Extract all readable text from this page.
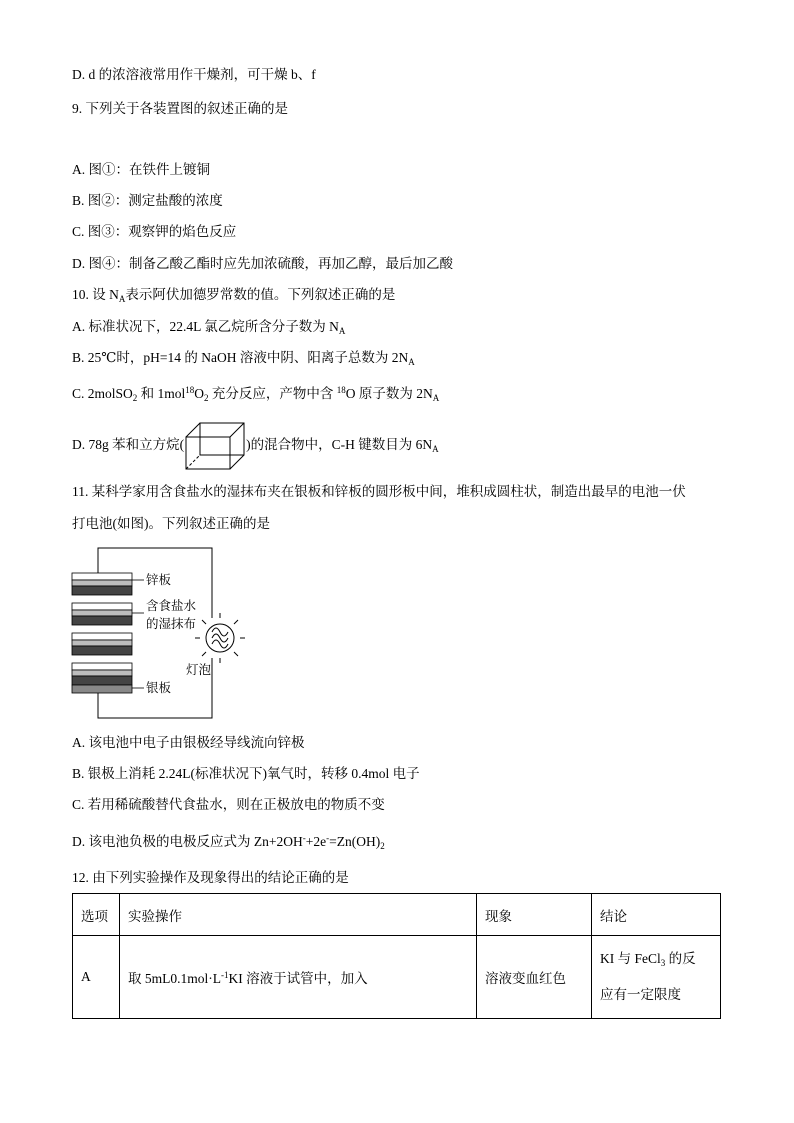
D. d 的浓溶液常用作干燥剂，可干燥 b、f
9. 下列关于各装置图的叙述正确的是
A. 图①：在铁件上镀铜
B. 图②：测定盐酸的浓度
C. 图③：观察钾的焰色反应
D. 图④：制备乙酸乙酯时应先加浓硫酸，再加乙醇，最后加乙酸
10. 设 $N_A$表示阿伏加德罗常数的值。下列叙述正确的是
A. 标准状况下，22.4L 氯乙烷所含分子数为 $N_A$
B. 25℃时，pH=14 的 NaOH 溶液中阴、阳离子总数为 $2N_A$
C. 2molSO$_2$ 和 $1mol^{18}O_2$ 充分反应，产物中含 $^{18}$O 原子数为 $2N_A$
D. 78g 苯和立方烷(	)的混合物中，C-H 键数目为 $6N_A$
11. 某科学家用含食盐水的湿抹布夹在银板和锌板的圆形板中间，堆积成圆柱状，制造出最早的电池一伏
打电池(如图)。下列叙述正确的是
锌板
含食盐水
的湿抹布
灯泡
银板
A. 该电池中电子由银极经导线流向锌极
B. 银极上消耗 2.24L(标准状况下)氧气时，转移 0.4mol 电子
C. 若用稀硫酸替代食盐水，则在正极放电的物质不变
D. 该电池负极的电极反应式为 $Zn+2OH^-+2e^-=Zn(OH)_2$
12. 由下列实验操作及现象得出的结论正确的是
选项	实验操作	现象	结论
A	取 $5mL0.1mol\cdot L^{-1}KI$ 溶液于试管中，加入	溶液变血红色	KI 与 FeCl$_3$ 的反
应有一定限度
